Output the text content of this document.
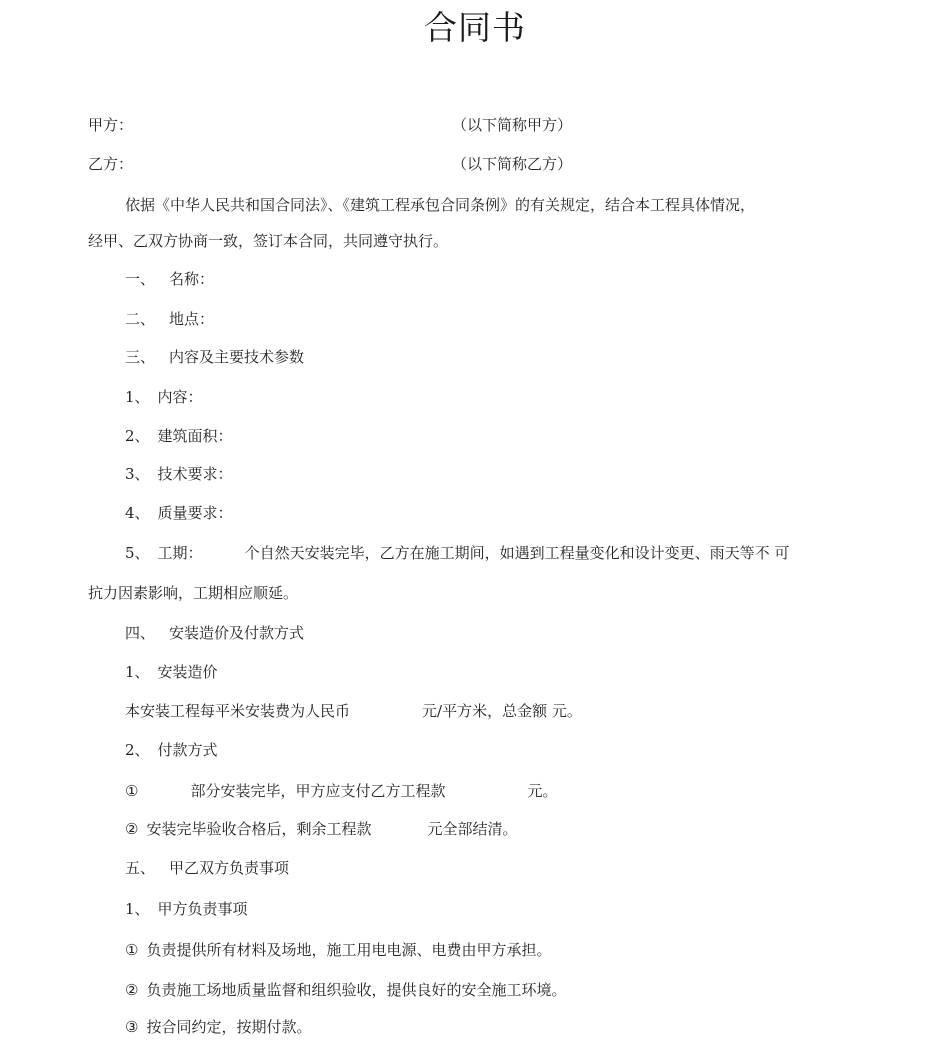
合同书
甲方：	（以下简称甲方）
乙方：	（以下简称乙方）
依据《中华人民共和国合同法》、《建筑工程承包合同条例》的有关规定，结合本工程具体情况，
经甲、乙双方协商一致，签订本合同，共同遵守执行。
一、 名称：
二、 地点：
三、 内容及主要技术参数
1、 内容：
2、 建筑面积：
3、 技术要求：
4、 质量要求：
5、 工期：	个自然天安装完毕，乙方在施工期间，如遇到工程量变化和设计变更、雨天等不 可
抗力因素影响，工期相应顺延。
四、 安装造价及付款方式
1、 安装造价
本安装工程每平米安装费为人民币	元/平方米，总金额 元。
2、 付款方式
①	部分安装完毕，甲方应支付乙方工程款	元。
② 安装完毕验收合格后，剩余工程款	元全部结清。
五、 甲乙双方负责事项
1、 甲方负责事项
① 负责提供所有材料及场地，施工用电电源、电费由甲方承担。
② 负责施工场地质量监督和组织验收，提供良好的安全施工环境。
③ 按合同约定，按期付款。
